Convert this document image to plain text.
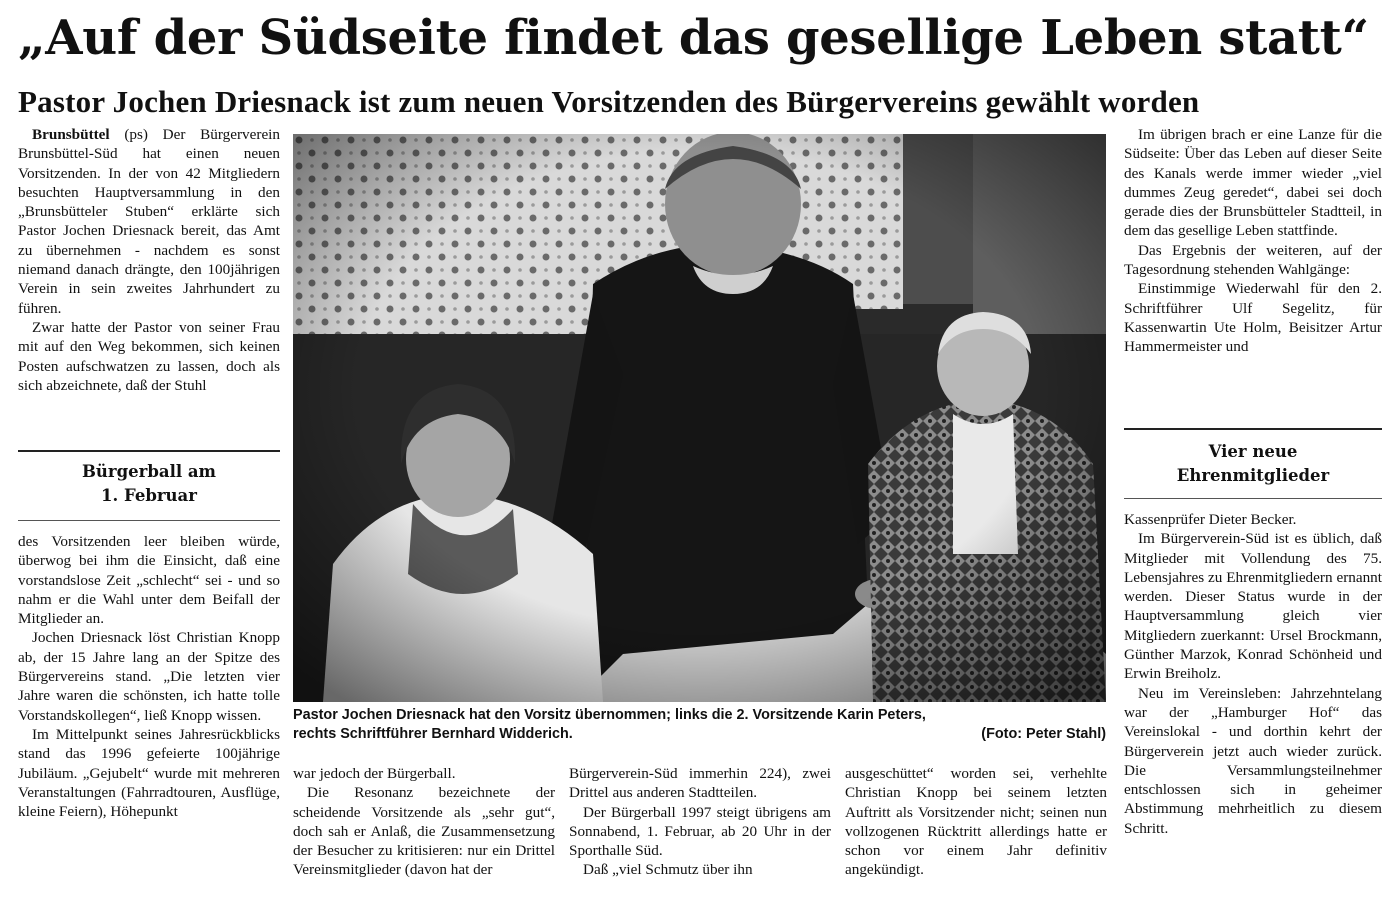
„Auf der Südseite findet das gesellige Leben statt“
Pastor Jochen Driesnack ist zum neuen Vorsitzenden des Bürgervereins gewählt worden

Brunsbüttel (ps) Der Bürgerverein Brunsbüttel-Süd hat einen neuen Vorsitzenden. In der von 42 Mitgliedern besuchten Hauptversammlung in den „Brunsbütteler Stuben“ erklärte sich Pastor Jochen Driesnack bereit, das Amt zu übernehmen - nachdem es sonst niemand danach drängte, den 100jährigen Verein in sein zweites Jahrhundert zu führen.

Zwar hatte der Pastor von seiner Frau mit auf den Weg bekommen, sich keinen Posten aufschwatzen zu lassen, doch als sich abzeichnete, daß der Stuhl

Bürgerball am
1. Februar

des Vorsitzenden leer bleiben würde, überwog bei ihm die Einsicht, daß eine vorstandslose Zeit „schlecht“ sei - und so nahm er die Wahl unter dem Beifall der Mitglieder an.

Jochen Driesnack löst Christian Knopp ab, der 15 Jahre lang an der Spitze des Bürgervereins stand. „Die letzten vier Jahre waren die schönsten, ich hatte tolle Vorstandskollegen“, ließ Knopp wissen.

Im Mittelpunkt seines Jahresrückblicks stand das 1996 gefeierte 100jährige Jubiläum. „Gejubelt“ wurde mit mehreren Veranstaltungen (Fahrradtouren, Ausflüge, kleine Feiern), Höhepunkt

Pastor Jochen Driesnack hat den Vorsitz übernommen; links die 2. Vorsitzende Karin Peters,
rechts Schriftführer Bernhard Widderich.	(Foto: Peter Stahl)

war jedoch der Bürgerball.

Die Resonanz bezeichnete der scheidende Vorsitzende als „sehr gut“, doch sah er Anlaß, die Zusammensetzung der Besucher zu kritisieren: nur ein Drittel Vereinsmitglieder (davon hat der

Bürgerverein-Süd immerhin 224), zwei Drittel aus anderen Stadtteilen.

Der Bürgerball 1997 steigt übrigens am Sonnabend, 1. Februar, ab 20 Uhr in der Sporthalle Süd.

Daß „viel Schmutz über ihn

ausgeschüttet“ worden sei, verhehlte Christian Knopp bei seinem letzten Auftritt als Vorsitzender nicht; seinen nun vollzogenen Rücktritt allerdings hatte er schon vor einem Jahr definitiv angekündigt.

Im übrigen brach er eine Lanze für die Südseite: Über das Leben auf dieser Seite des Kanals werde immer wieder „viel dummes Zeug geredet“, dabei sei doch gerade dies der Brunsbütteler Stadtteil, in dem das gesellige Leben stattfinde.

Das Ergebnis der weiteren, auf der Tagesordnung stehenden Wahlgänge:

Einstimmige Wiederwahl für den 2. Schriftführer Ulf Segelitz, für Kassenwartin Ute Holm, Beisitzer Artur Hammermeister und

Vier neue
Ehrenmitglieder

Kassenprüfer Dieter Becker.

Im Bürgerverein-Süd ist es üblich, daß Mitglieder mit Vollendung des 75. Lebensjahres zu Ehrenmitgliedern ernannt werden. Dieser Status wurde in der Hauptversammlung gleich vier Mitgliedern zuerkannt: Ursel Brockmann, Günther Marzok, Konrad Schönheid und Erwin Breiholz.

Neu im Vereinsleben: Jahrzehntelang war der „Hamburger Hof“ das Vereinslokal - und dorthin kehrt der Bürgerverein jetzt auch wieder zurück. Die Versammlungsteilnehmer entschlossen sich in geheimer Abstimmung mehrheitlich zu diesem Schritt.
